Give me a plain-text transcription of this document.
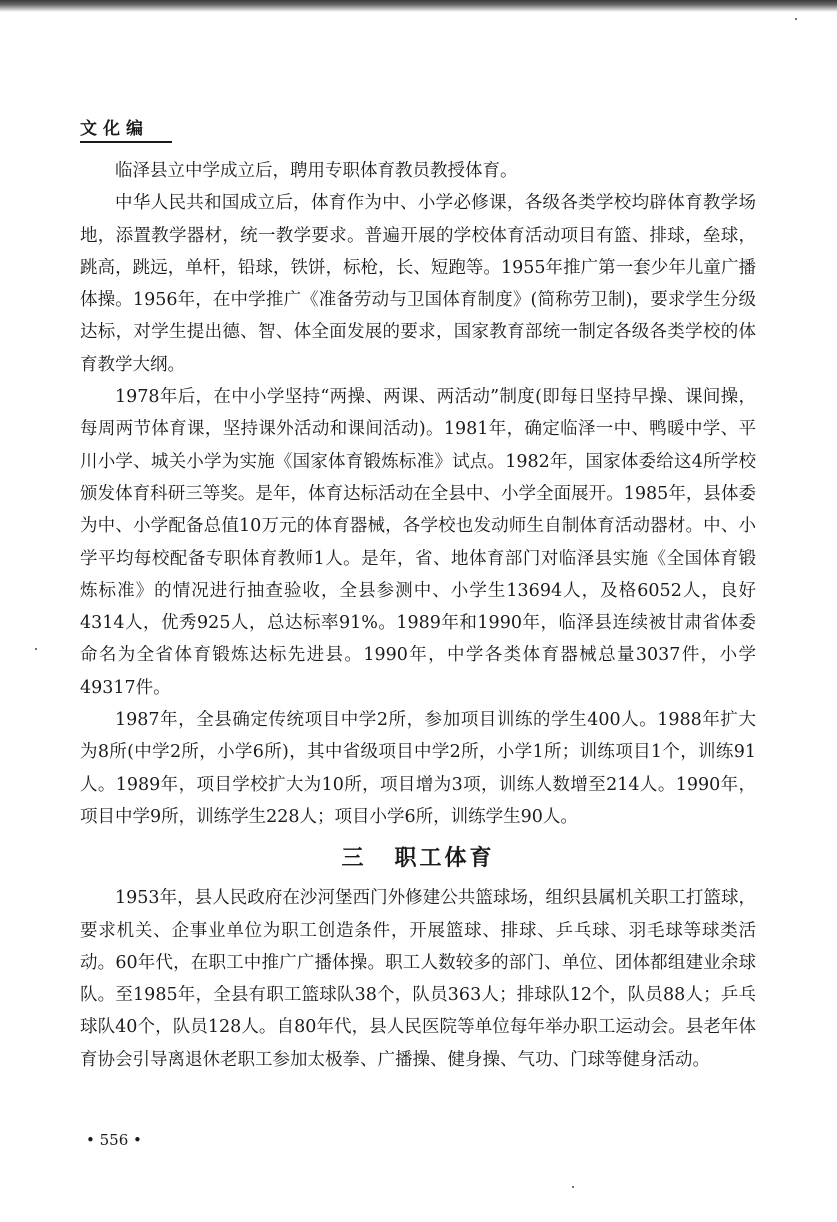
文化编

临泽县立中学成立后，聘用专职体育教员教授体育。

中华人民共和国成立后，体育作为中、小学必修课，各级各类学校均辟体育教学场地，添置教学器材，统一教学要求。普遍开展的学校体育活动项目有篮、排球，垒球，跳高，跳远，单杆，铅球，铁饼，标枪，长、短跑等。1955年推广第一套少年儿童广播体操。1956年，在中学推广《准备劳动与卫国体育制度》(简称劳卫制)，要求学生分级达标，对学生提出德、智、体全面发展的要求，国家教育部统一制定各级各类学校的体育教学大纲。

1978年后，在中小学坚持“两操、两课、两活动”制度(即每日坚持早操、课间操，每周两节体育课，坚持课外活动和课间活动)。1981年，确定临泽一中、鸭暖中学、平川小学、城关小学为实施《国家体育锻炼标准》试点。1982年，国家体委给这4所学校颁发体育科研三等奖。是年，体育达标活动在全县中、小学全面展开。1985年，县体委为中、小学配备总值10万元的体育器械，各学校也发动师生自制体育活动器材。中、小学平均每校配备专职体育教师1人。是年，省、地体育部门对临泽县实施《全国体育锻炼标准》的情况进行抽查验收，全县参测中、小学生13694人，及格6052人，良好4314人，优秀925人，总达标率91%。1989年和1990年，临泽县连续被甘肃省体委命名为全省体育锻炼达标先进县。1990年，中学各类体育器械总量3037件，小学49317件。

1987年，全县确定传统项目中学2所，参加项目训练的学生400人。1988年扩大为8所(中学2所，小学6所)，其中省级项目中学2所，小学1所；训练项目1个，训练91人。1989年，项目学校扩大为10所，项目增为3项，训练人数增至214人。1990年，项目中学9所，训练学生228人；项目小学6所，训练学生90人。

三 职工体育

1953年，县人民政府在沙河堡西门外修建公共篮球场，组织县属机关职工打篮球，要求机关、企事业单位为职工创造条件，开展篮球、排球、乒乓球、羽毛球等球类活动。60年代，在职工中推广广播体操。职工人数较多的部门、单位、团体都组建业余球队。至1985年，全县有职工篮球队38个，队员363人；排球队12个，队员88人；乒乓球队40个，队员128人。自80年代，县人民医院等单位每年举办职工运动会。县老年体育协会引导离退休老职工参加太极拳、广播操、健身操、气功、门球等健身活动。

• 556 •
